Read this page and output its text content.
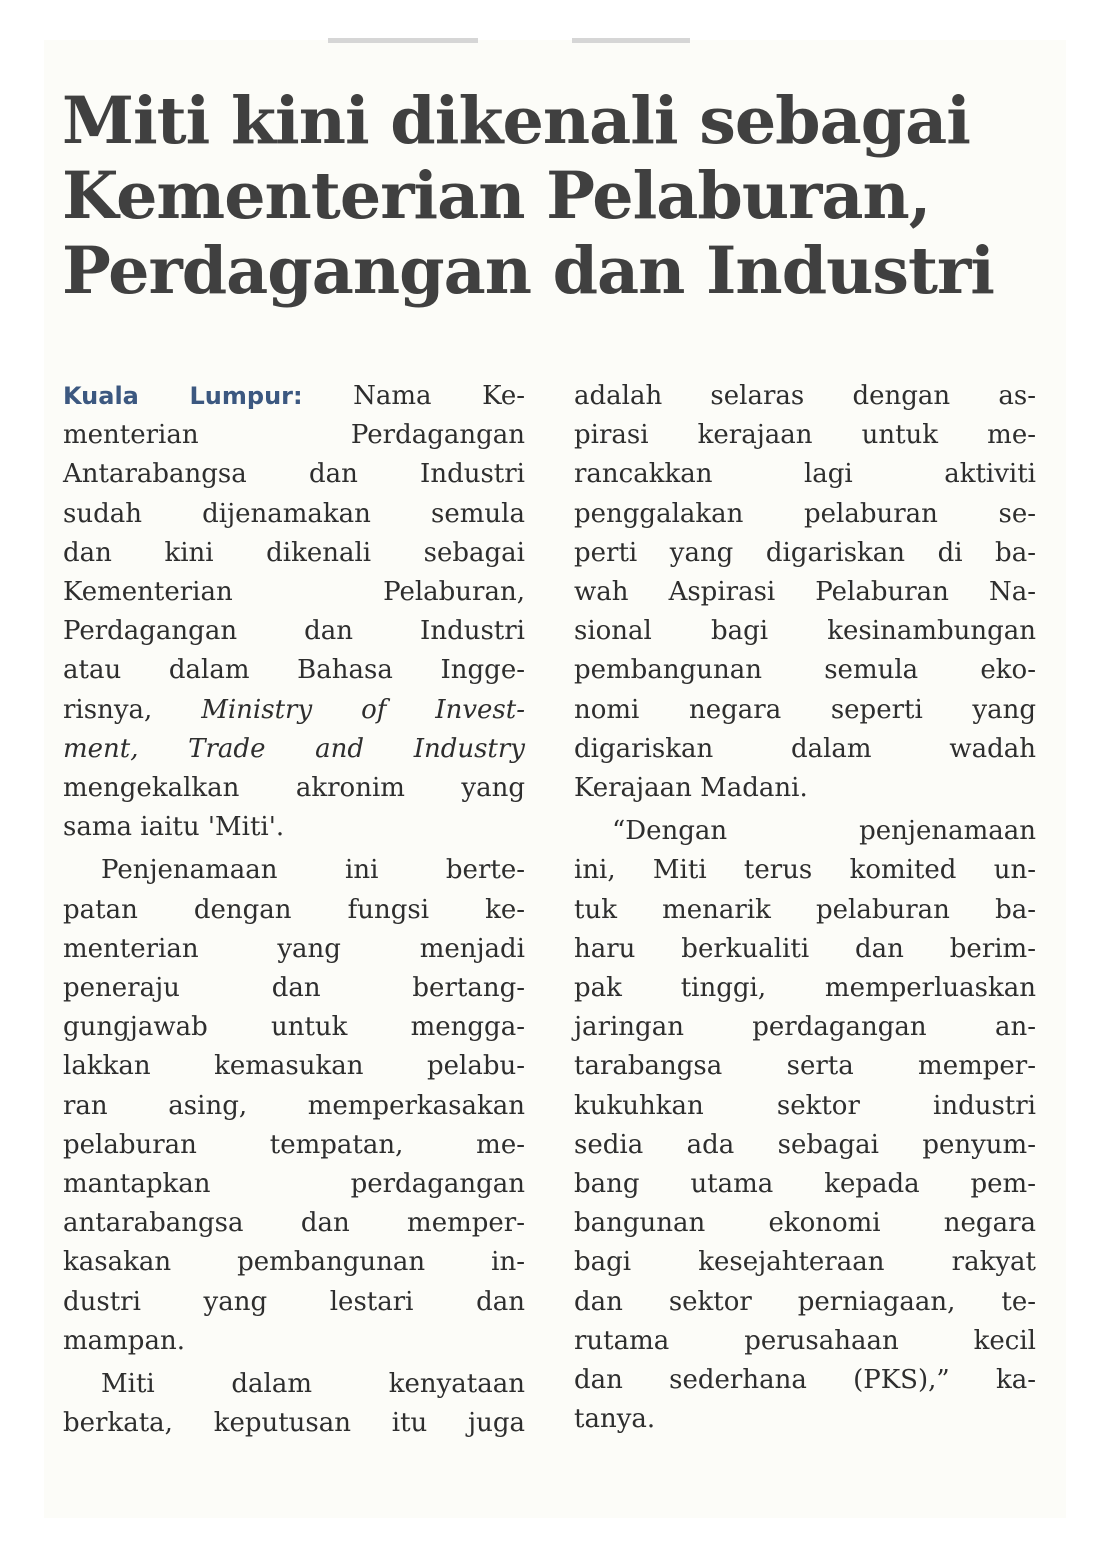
Miti kini dikenali sebagai
Kementerian Pelaburan,
Perdagangan dan Industri

Kuala Lumpur: Nama Ke-
menterian Perdagangan
Antarabangsa dan Industri
sudah dijenamakan semula
dan kini dikenali sebagai
Kementerian Pelaburan,
Perdagangan dan Industri
atau dalam Bahasa Ingge-
risnya, Ministry of Invest-
ment, Trade and Industry
mengekalkan akronim yang
sama iaitu 'Miti'.

Penjenamaan ini berte-
patan dengan fungsi ke-
menterian yang menjadi
peneraju dan bertang-
gungjawab untuk mengga-
lakkan kemasukan pelabu-
ran asing, memperkasakan
pelaburan tempatan, me-
mantapkan perdagangan
antarabangsa dan memper-
kasakan pembangunan in-
dustri yang lestari dan
mampan.

Miti dalam kenyataan
berkata, keputusan itu juga

adalah selaras dengan as-
pirasi kerajaan untuk me-
rancakkan lagi aktiviti
penggalakan pelaburan se-
perti yang digariskan di ba-
wah Aspirasi Pelaburan Na-
sional bagi kesinambungan
pembangunan semula eko-
nomi negara seperti yang
digariskan dalam wadah
Kerajaan Madani.

“Dengan penjenamaan
ini, Miti terus komited un-
tuk menarik pelaburan ba-
haru berkualiti dan berim-
pak tinggi, memperluaskan
jaringan perdagangan an-
tarabangsa serta memper-
kukuhkan sektor industri
sedia ada sebagai penyum-
bang utama kepada pem-
bangunan ekonomi negara
bagi kesejahteraan rakyat
dan sektor perniagaan, te-
rutama perusahaan kecil
dan sederhana (PKS),” ka-
tanya.
